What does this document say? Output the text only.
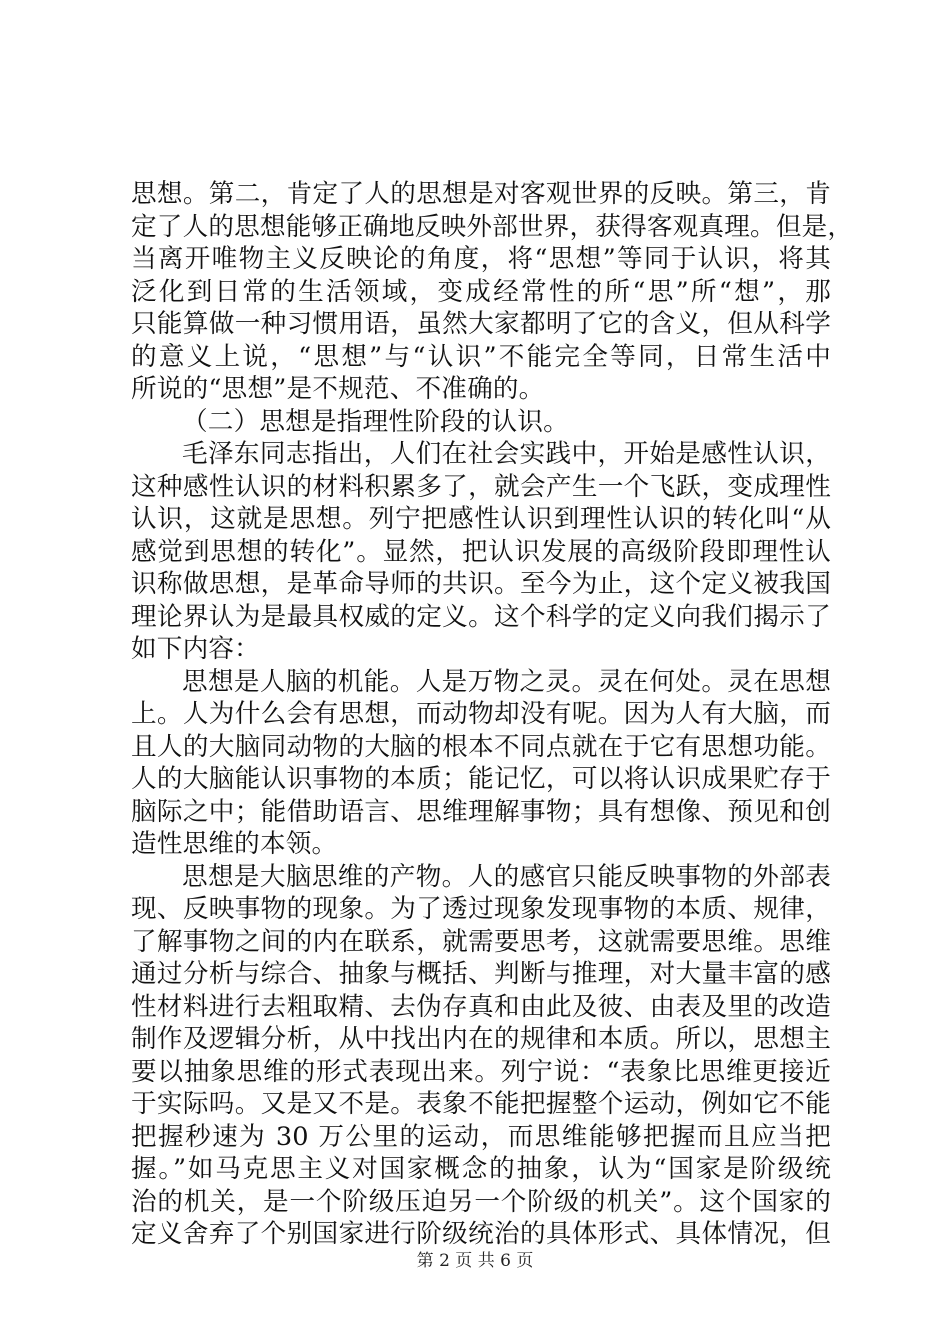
思想。第二，肯定了人的思想是对客观世界的反映。第三，肯
定了人的思想能够正确地反映外部世界，获得客观真理。但是，
当离开唯物主义反映论的角度，将“思想”等同于认识，将其
泛化到日常的生活领域，变成经常性的所“思”所“想”，那
只能算做一种习惯用语，虽然大家都明了它的含义，但从科学
的意义上说，“思想”与“认识”不能完全等同，日常生活中
所说的“思想”是不规范、不准确的。
（二）思想是指理性阶段的认识。
毛泽东同志指出，人们在社会实践中，开始是感性认识，
这种感性认识的材料积累多了，就会产生一个飞跃，变成理性
认识，这就是思想。列宁把感性认识到理性认识的转化叫“从
感觉到思想的转化”。显然，把认识发展的高级阶段即理性认
识称做思想，是革命导师的共识。至今为止，这个定义被我国
理论界认为是最具权威的定义。这个科学的定义向我们揭示了
如下内容：
思想是人脑的机能。人是万物之灵。灵在何处。灵在思想
上。人为什么会有思想，而动物却没有呢。因为人有大脑，而
且人的大脑同动物的大脑的根本不同点就在于它有思想功能。
人的大脑能认识事物的本质；能记忆，可以将认识成果贮存于
脑际之中；能借助语言、思维理解事物；具有想像、预见和创
造性思维的本领。
思想是大脑思维的产物。人的感官只能反映事物的外部表
现、反映事物的现象。为了透过现象发现事物的本质、规律，
了解事物之间的内在联系，就需要思考，这就需要思维。思维
通过分析与综合、抽象与概括、判断与推理，对大量丰富的感
性材料进行去粗取精、去伪存真和由此及彼、由表及里的改造
制作及逻辑分析，从中找出内在的规律和本质。所以，思想主
要以抽象思维的形式表现出来。列宁说：“表象比思维更接近
于实际吗。又是又不是。表象不能把握整个运动，例如它不能
把握秒速为 30 万公里的运动，而思维能够把握而且应当把
握。”如马克思主义对国家概念的抽象，认为“国家是阶级统
治的机关，是一个阶级压迫另一个阶级的机关”。这个国家的
定义舍弃了个别国家进行阶级统治的具体形式、具体情况，但
第 2 页 共 6 页
